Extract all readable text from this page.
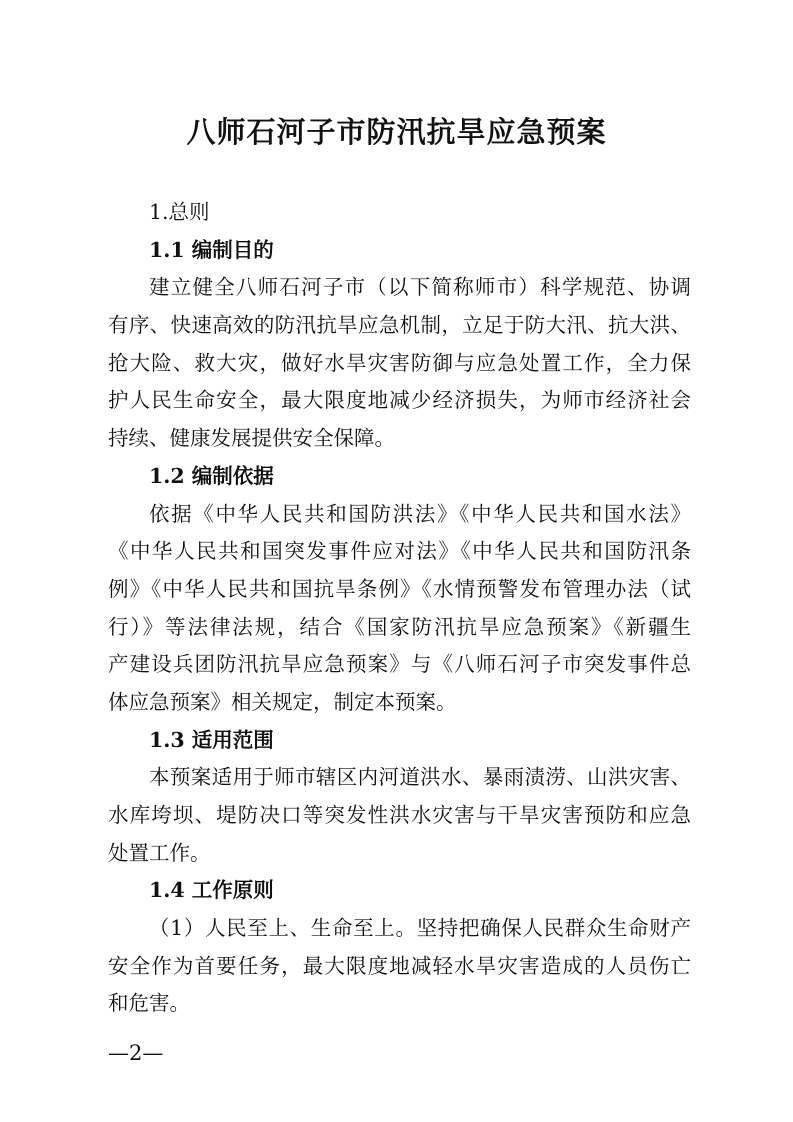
八师石河子市防汛抗旱应急预案
1.总则
1.1 编制目的
建立健全八师石河子市（以下简称师市）科学规范、协调
有序、快速高效的防汛抗旱应急机制，立足于防大汛、抗大洪、
抢大险、救大灾，做好水旱灾害防御与应急处置工作，全力保
护人民生命安全，最大限度地减少经济损失，为师市经济社会
持续、健康发展提供安全保障。
1.2 编制依据
依据《中华人民共和国防洪法》《中华人民共和国水法》
《中华人民共和国突发事件应对法》《中华人民共和国防汛条
例》《中华人民共和国抗旱条例》《水情预警发布管理办法（试
行）》等法律法规，结合《国家防汛抗旱应急预案》《新疆生
产建设兵团防汛抗旱应急预案》与《八师石河子市突发事件总
体应急预案》相关规定，制定本预案。
1.3 适用范围
本预案适用于师市辖区内河道洪水、暴雨渍涝、山洪灾害、
水库垮坝、堤防决口等突发性洪水灾害与干旱灾害预防和应急
处置工作。
1.4 工作原则
（1）人民至上、生命至上。坚持把确保人民群众生命财产
安全作为首要任务，最大限度地减轻水旱灾害造成的人员伤亡
和危害。
—2—
